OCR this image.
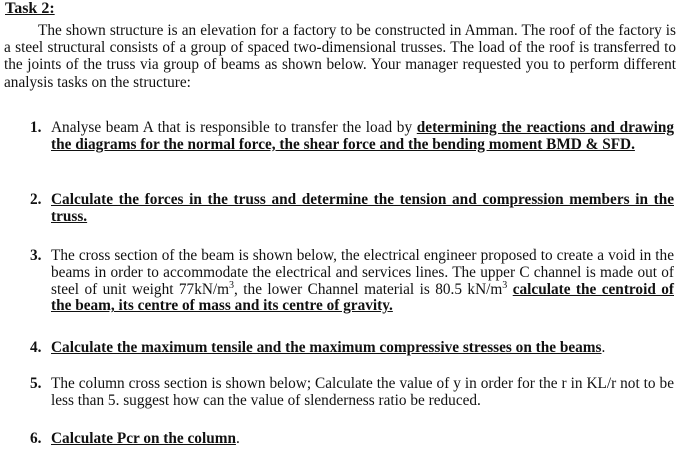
Task 2:

The shown structure is an elevation for a factory to be constructed in Amman. The roof of the factory is a steel structural consists of a group of spaced two-dimensional trusses. The load of the roof is transferred to the joints of the truss via group of beams as shown below. Your manager requested you to perform different analysis tasks on the structure:

1. Analyse beam A that is responsible to transfer the load by determining the reactions and drawing the diagrams for the normal force, the shear force and the bending moment BMD & SFD.
2. Calculate the forces in the truss and determine the tension and compression members in the truss.
3. The cross section of the beam is shown below, the electrical engineer proposed to create a void in the beams in order to accommodate the electrical and services lines. The upper C channel is made out of steel of unit weight $77kN/m^3$, the lower Channel material is 80.5 $kN/m^3$ calculate the centroid of the beam, its centre of mass and its centre of gravity.
4. Calculate the maximum tensile and the maximum compressive stresses on the beams.
5. The column cross section is shown below; Calculate the value of y in order for the r in KL/r not to be less than 5. suggest how can the value of slenderness ratio be reduced.
6. Calculate Pcr on the column.
